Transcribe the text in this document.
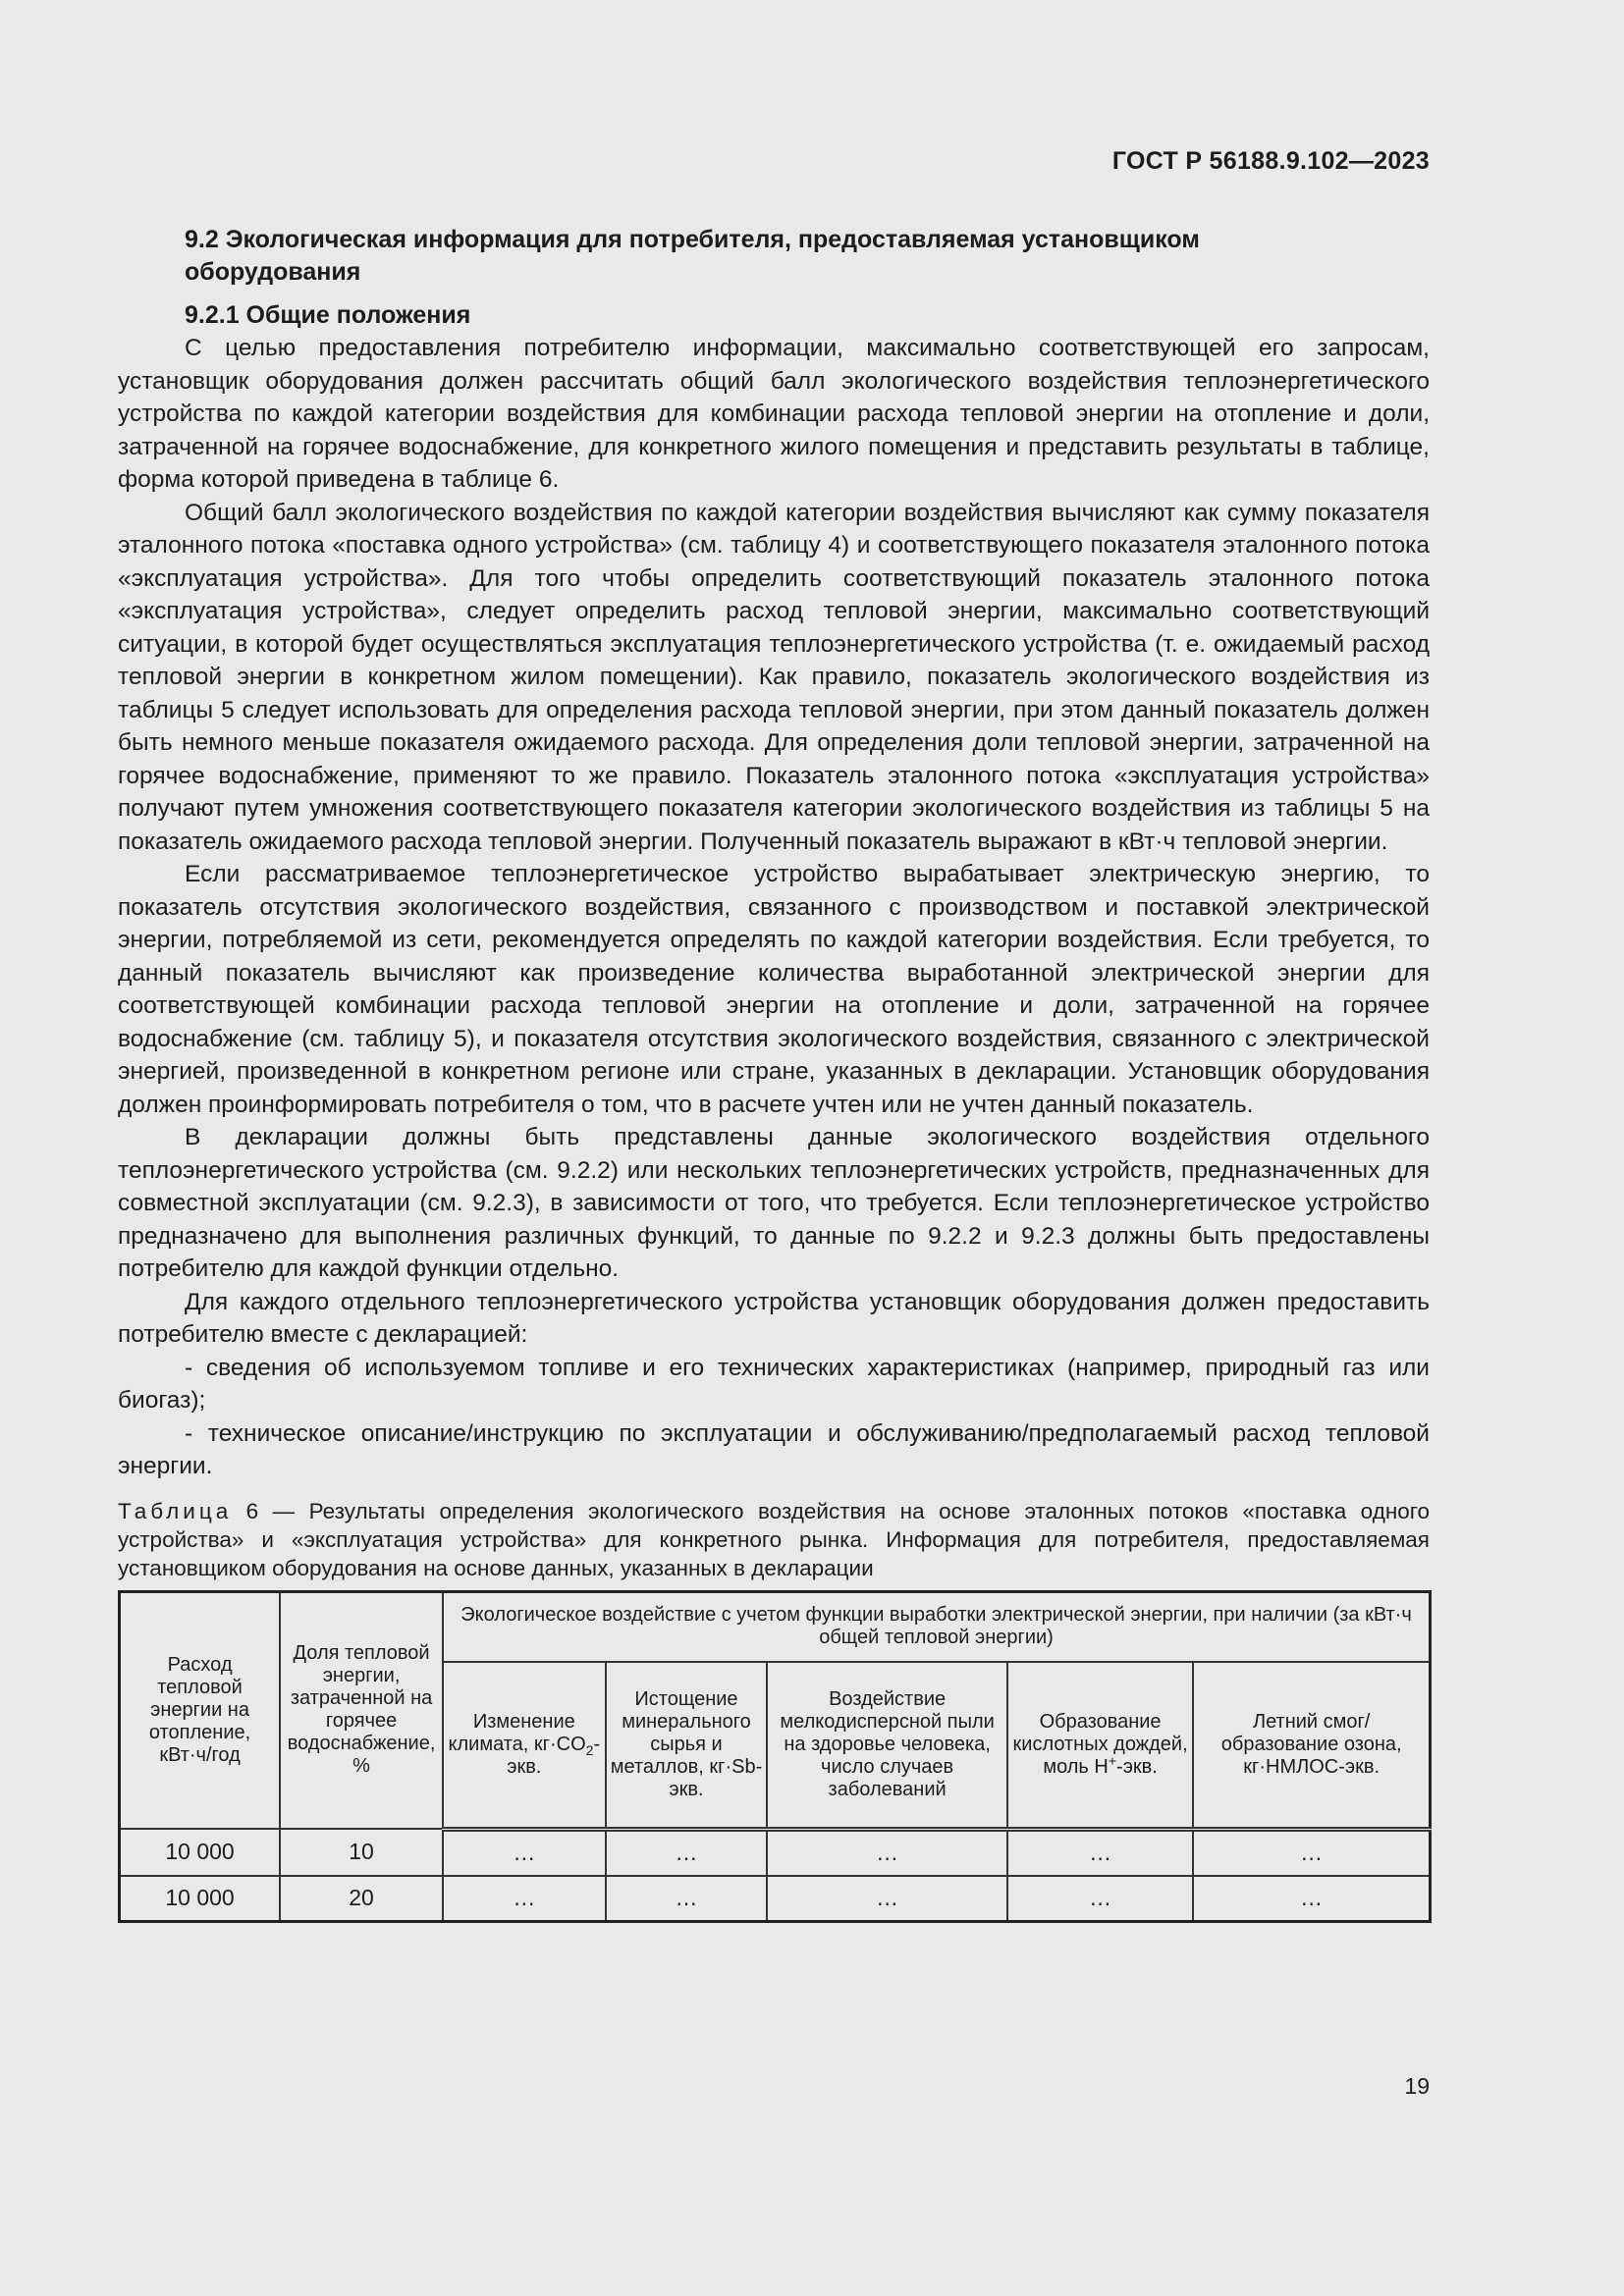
ГОСТ Р 56188.9.102—2023
9.2 Экологическая информация для потребителя, предоставляемая установщиком
оборудования
9.2.1 Общие положения

С целью предоставления потребителю информации, максимально соответствующей его запросам, установщик оборудования должен рассчитать общий балл экологического воздействия теплоэнергетического устройства по каждой категории воздействия для комбинации расхода тепловой энергии на отопление и доли, затраченной на горячее водоснабжение, для конкретного жилого помещения и представить результаты в таблице, форма которой приведена в таблице 6.

Общий балл экологического воздействия по каждой категории воздействия вычисляют как сумму показателя эталонного потока «поставка одного устройства» (см. таблицу 4) и соответствующего показателя эталонного потока «эксплуатация устройства». Для того чтобы определить соответствующий показатель эталонного потока «эксплуатация устройства», следует определить расход тепловой энергии, максимально соответствующий ситуации, в которой будет осуществляться эксплуатация теплоэнергетического устройства (т. е. ожидаемый расход тепловой энергии в конкретном жилом помещении). Как правило, показатель экологического воздействия из таблицы 5 следует использовать для определения расхода тепловой энергии, при этом данный показатель должен быть немного меньше показателя ожидаемого расхода. Для определения доли тепловой энергии, затраченной на горячее водоснабжение, применяют то же правило. Показатель эталонного потока «эксплуатация устройства» получают путем умножения соответствующего показателя категории экологического воздействия из таблицы 5 на показатель ожидаемого расхода тепловой энергии. Полученный показатель выражают в кВт·ч тепловой энергии.

Если рассматриваемое теплоэнергетическое устройство вырабатывает электрическую энергию, то показатель отсутствия экологического воздействия, связанного с производством и поставкой электрической энергии, потребляемой из сети, рекомендуется определять по каждой категории воздействия. Если требуется, то данный показатель вычисляют как произведение количества выработанной электрической энергии для соответствующей комбинации расхода тепловой энергии на отопление и доли, затраченной на горячее водоснабжение (см. таблицу 5), и показателя отсутствия экологического воздействия, связанного с электрической энергией, произведенной в конкретном регионе или стране, указанных в декларации. Установщик оборудования должен проинформировать потребителя о том, что в расчете учтен или не учтен данный показатель.

В декларации должны быть представлены данные экологического воздействия отдельного теплоэнергетического устройства (см. 9.2.2) или нескольких теплоэнергетических устройств, предназначенных для совместной эксплуатации (см. 9.2.3), в зависимости от того, что требуется. Если теплоэнергетическое устройство предназначено для выполнения различных функций, то данные по 9.2.2 и 9.2.3 должны быть предоставлены потребителю для каждой функции отдельно.

Для каждого отдельного теплоэнергетического устройства установщик оборудования должен предоставить потребителю вместе с декларацией:

- сведения об используемом топливе и его технических характеристиках (например, природный газ или биогаз);

- техническое описание/инструкцию по эксплуатации и обслуживанию/предполагаемый расход тепловой энергии.

Таблица 6 — Результаты определения экологического воздействия на основе эталонных потоков «поставка одного устройства» и «эксплуатация устройства» для конкретного рынка. Информация для потребителя, предоставляемая установщиком оборудования на основе данных, указанных в декларации
Расход тепловой энергии на отопление, кВт·ч/год	Доля тепловой энергии, затраченной на горячее водоснабжение, %	Экологическое воздействие с учетом функции выработки электрической энергии, при наличии (за кВт·ч общей тепловой энергии)				
		Изменение климата, $кг\cdot CO_2$-экв.	Истощение минерального сырья и металлов, кг·Sb-экв.	Воздействие мелкодисперсной пыли на здоровье человека, число случаев заболеваний	Образование кислотных дождей, моль H+-экв.	Летний смог/ образование озона, кг·НМЛОС-экв.
10 000	10	…	…	…	…	…
10 000	20	…	…	…	…	…
19
